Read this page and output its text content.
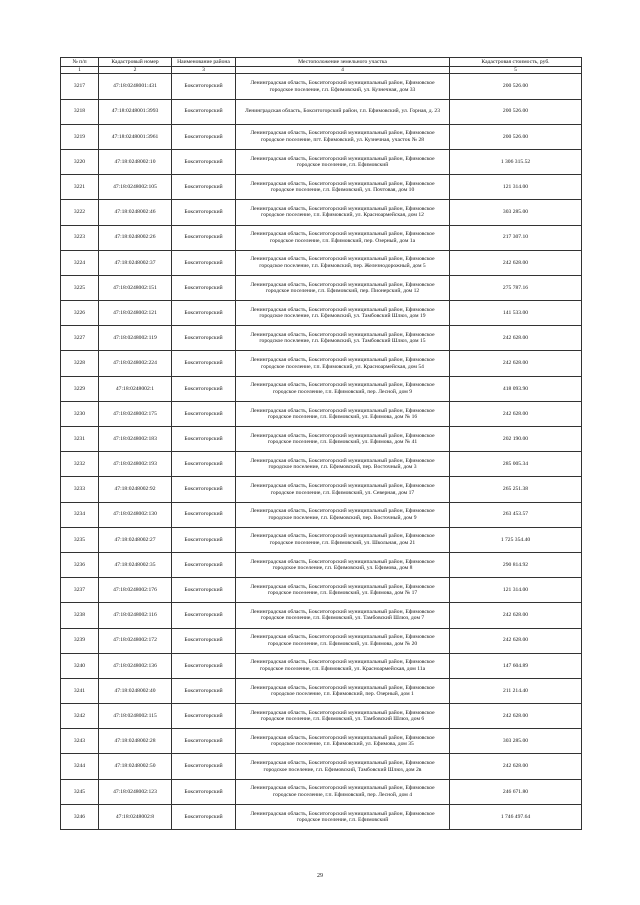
№ п/п	Кадастровый номер	Наименование района	Местоположение земельного участка	Кадастровая стоимость, руб.
1	2	3	4	5
3217	47:18:0248001:431	Бокситогорский	Ленинградская область, Бокситогорский муниципальный район, Ефимовское городское поселение, г.п. Ефимовский, ул. Кузнечная, дом 33	200 526.00
3218	47:18:0248001:3993	Бокситогорский	Ленинградская область, Бокситогорский район, г.п. Ефимовский, ул. Горная, д. 23	200 526.00
3219	47:18:0248001:3961	Бокситогорский	Ленинградская область, Бокситогорский муниципальный район, Ефимовское городское поселение, пгт. Ефимовский, ул. Кузнечная, участок № 28	200 526.00
3220	47:18:0248002:10	Бокситогорский	Ленинградская область, Бокситогорский муниципальный район, Ефимовское городское поселение, г.п. Ефимовский	1 306 315.52
3221	47:18:0248002:105	Бокситогорский	Ленинградская область, Бокситогорский муниципальный район, Ефимовское городское поселение, г.п. Ефимовский, ул. Почтовая, дом 10	121 314.00
3222	47:18:0248002:46	Бокситогорский	Ленинградская область, Бокситогорский муниципальный район, Ефимовское городское поселение, г.п. Ефимовский, ул. Красноармейская, дом 12	303 285.00
3223	47:18:0248002:26	Бокситогорский	Ленинградская область, Бокситогорский муниципальный район, Ефимовское городское поселение, г.п. Ефимовский, пер. Озерный, дом 1а	217 307.10
3224	47:18:0248002:37	Бокситогорский	Ленинградская область, Бокситогорский муниципальный район, Ефимовское городское поселение, г.п. Ефимовский, пер. Железнодорожный, дом 5	242 628.00
3225	47:18:0248002:151	Бокситогорский	Ленинградская область, Бокситогорский муниципальный район, Ефимовское городское поселение, г.п. Ефимовский, пер. Пионерский, дом 12	275 787.16
3226	47:18:0248002:121	Бокситогорский	Ленинградская область, Бокситогорский муниципальный район, Ефимовское городское поселение, г.п. Ефимовский, ул. Тамбовский Шлюз, дом 19	141 533.00
3227	47:18:0248002:119	Бокситогорский	Ленинградская область, Бокситогорский муниципальный район, Ефимовское городское поселение, г.п. Ефимовский, ул. Тамбовский Шлюз, дом 15	242 628.00
3228	47:18:0248002:224	Бокситогорский	Ленинградская область, Бокситогорский муниципальный район, Ефимовское городское поселение, г.п. Ефимовский, ул. Красноармейская, дом 54	242 628.00
3229	47:18:0248002:1	Бокситогорский	Ленинградская область, Бокситогорский муниципальный район, Ефимовское городское поселение, г.п. Ефимовский, пер. Лесной, дом 9	418 093.90
3230	47:18:0248002:175	Бокситогорский	Ленинградская область, Бокситогорский муниципальный район, Ефимовское городское поселение, г.п. Ефимовский, ул. Ефимова, дом № 16	242 628.00
3231	47:18:0248002:183	Бокситогорский	Ленинградская область, Бокситогорский муниципальный район, Ефимовское городское поселение, г.п. Ефимовский, ул. Ефимова, дом № 41	202 190.00
3232	47:18:0248002:193	Бокситогорский	Ленинградская область, Бокситогорский муниципальный район, Ефимовское городское поселение, г.п. Ефимовский, пер. Восточный, дом 3	285 005.34
3233	47:18:0248002:92	Бокситогорский	Ленинградская область, Бокситогорский муниципальный район, Ефимовское городское поселение, г.п. Ефимовский, ул. Северная, дом 17	265 251.38
3234	47:18:0248002:130	Бокситогорский	Ленинградская область, Бокситогорский муниципальный район, Ефимовское городское поселение, г.п. Ефимовский, пер. Восточный, дом 9	263 453.57
3235	47:18:0248002:27	Бокситогорский	Ленинградская область, Бокситогорский муниципальный район, Ефимовское городское поселение, г.п. Ефимовский, ул. Школьная, дом 21	1 725 354.40
3236	47:18:0248002:35	Бокситогорский	Ленинградская область, Бокситогорский муниципальный район, Ефимовское городское поселение, г.п. Ефимовский, ул. Ефимова, дом 8	290 814.92
3237	47:18:0248002:176	Бокситогорский	Ленинградская область, Бокситогорский муниципальный район, Ефимовское городское поселение, г.п. Ефимовский, ул. Ефимова, дом № 17	121 314.00
3238	47:18:0248002:116	Бокситогорский	Ленинградская область, Бокситогорский муниципальный район, Ефимовское городское поселение, г.п. Ефимовский, ул. Тамбовский Шлюз, дом 7	242 628.00
3239	47:18:0248002:172	Бокситогорский	Ленинградская область, Бокситогорский муниципальный район, Ефимовское городское поселение, г.п. Ефимовский, ул. Ефимова, дом № 20	242 628.00
3240	47:18:0248002:136	Бокситогорский	Ленинградская область, Бокситогорский муниципальный район, Ефимовское городское поселение, г.п. Ефимовский, ул. Красноармейская, дом 11а	147 604.89
3241	47:18:0248002:40	Бокситогорский	Ленинградская область, Бокситогорский муниципальный район, Ефимовское городское поселение, г.п. Ефимовский, пер. Озерный, дом 1	211 214.40
3242	47:18:0248002:115	Бокситогорский	Ленинградская область, Бокситогорский муниципальный район, Ефимовское городское поселение, г.п. Ефимовский, ул. Тамбовский Шлюз, дом 6	242 628.00
3243	47:18:0248002:28	Бокситогорский	Ленинградская область, Бокситогорский муниципальный район, Ефимовское городское поселение, г.п. Ефимовский, ул. Ефимова, дом 35	303 285.00
3244	47:18:0248002:50	Бокситогорский	Ленинградская область, Бокситогорский муниципальный район, Ефимовское городское поселение, г.п. Ефимовский, Тамбовский Шлюз, дом 2в	242 628.00
3245	47:18:0248002:123	Бокситогорский	Ленинградская область, Бокситогорский муниципальный район, Ефимовское городское поселение, г.п. Ефимовский, пер. Лесной, дом 4	246 671.80
3246	47:18:0248002:8	Бокситогорский	Ленинградская область, Бокситогорский муниципальный район, Ефимовское городское поселение, г.п. Ефимовский	1 746 497.64
29
